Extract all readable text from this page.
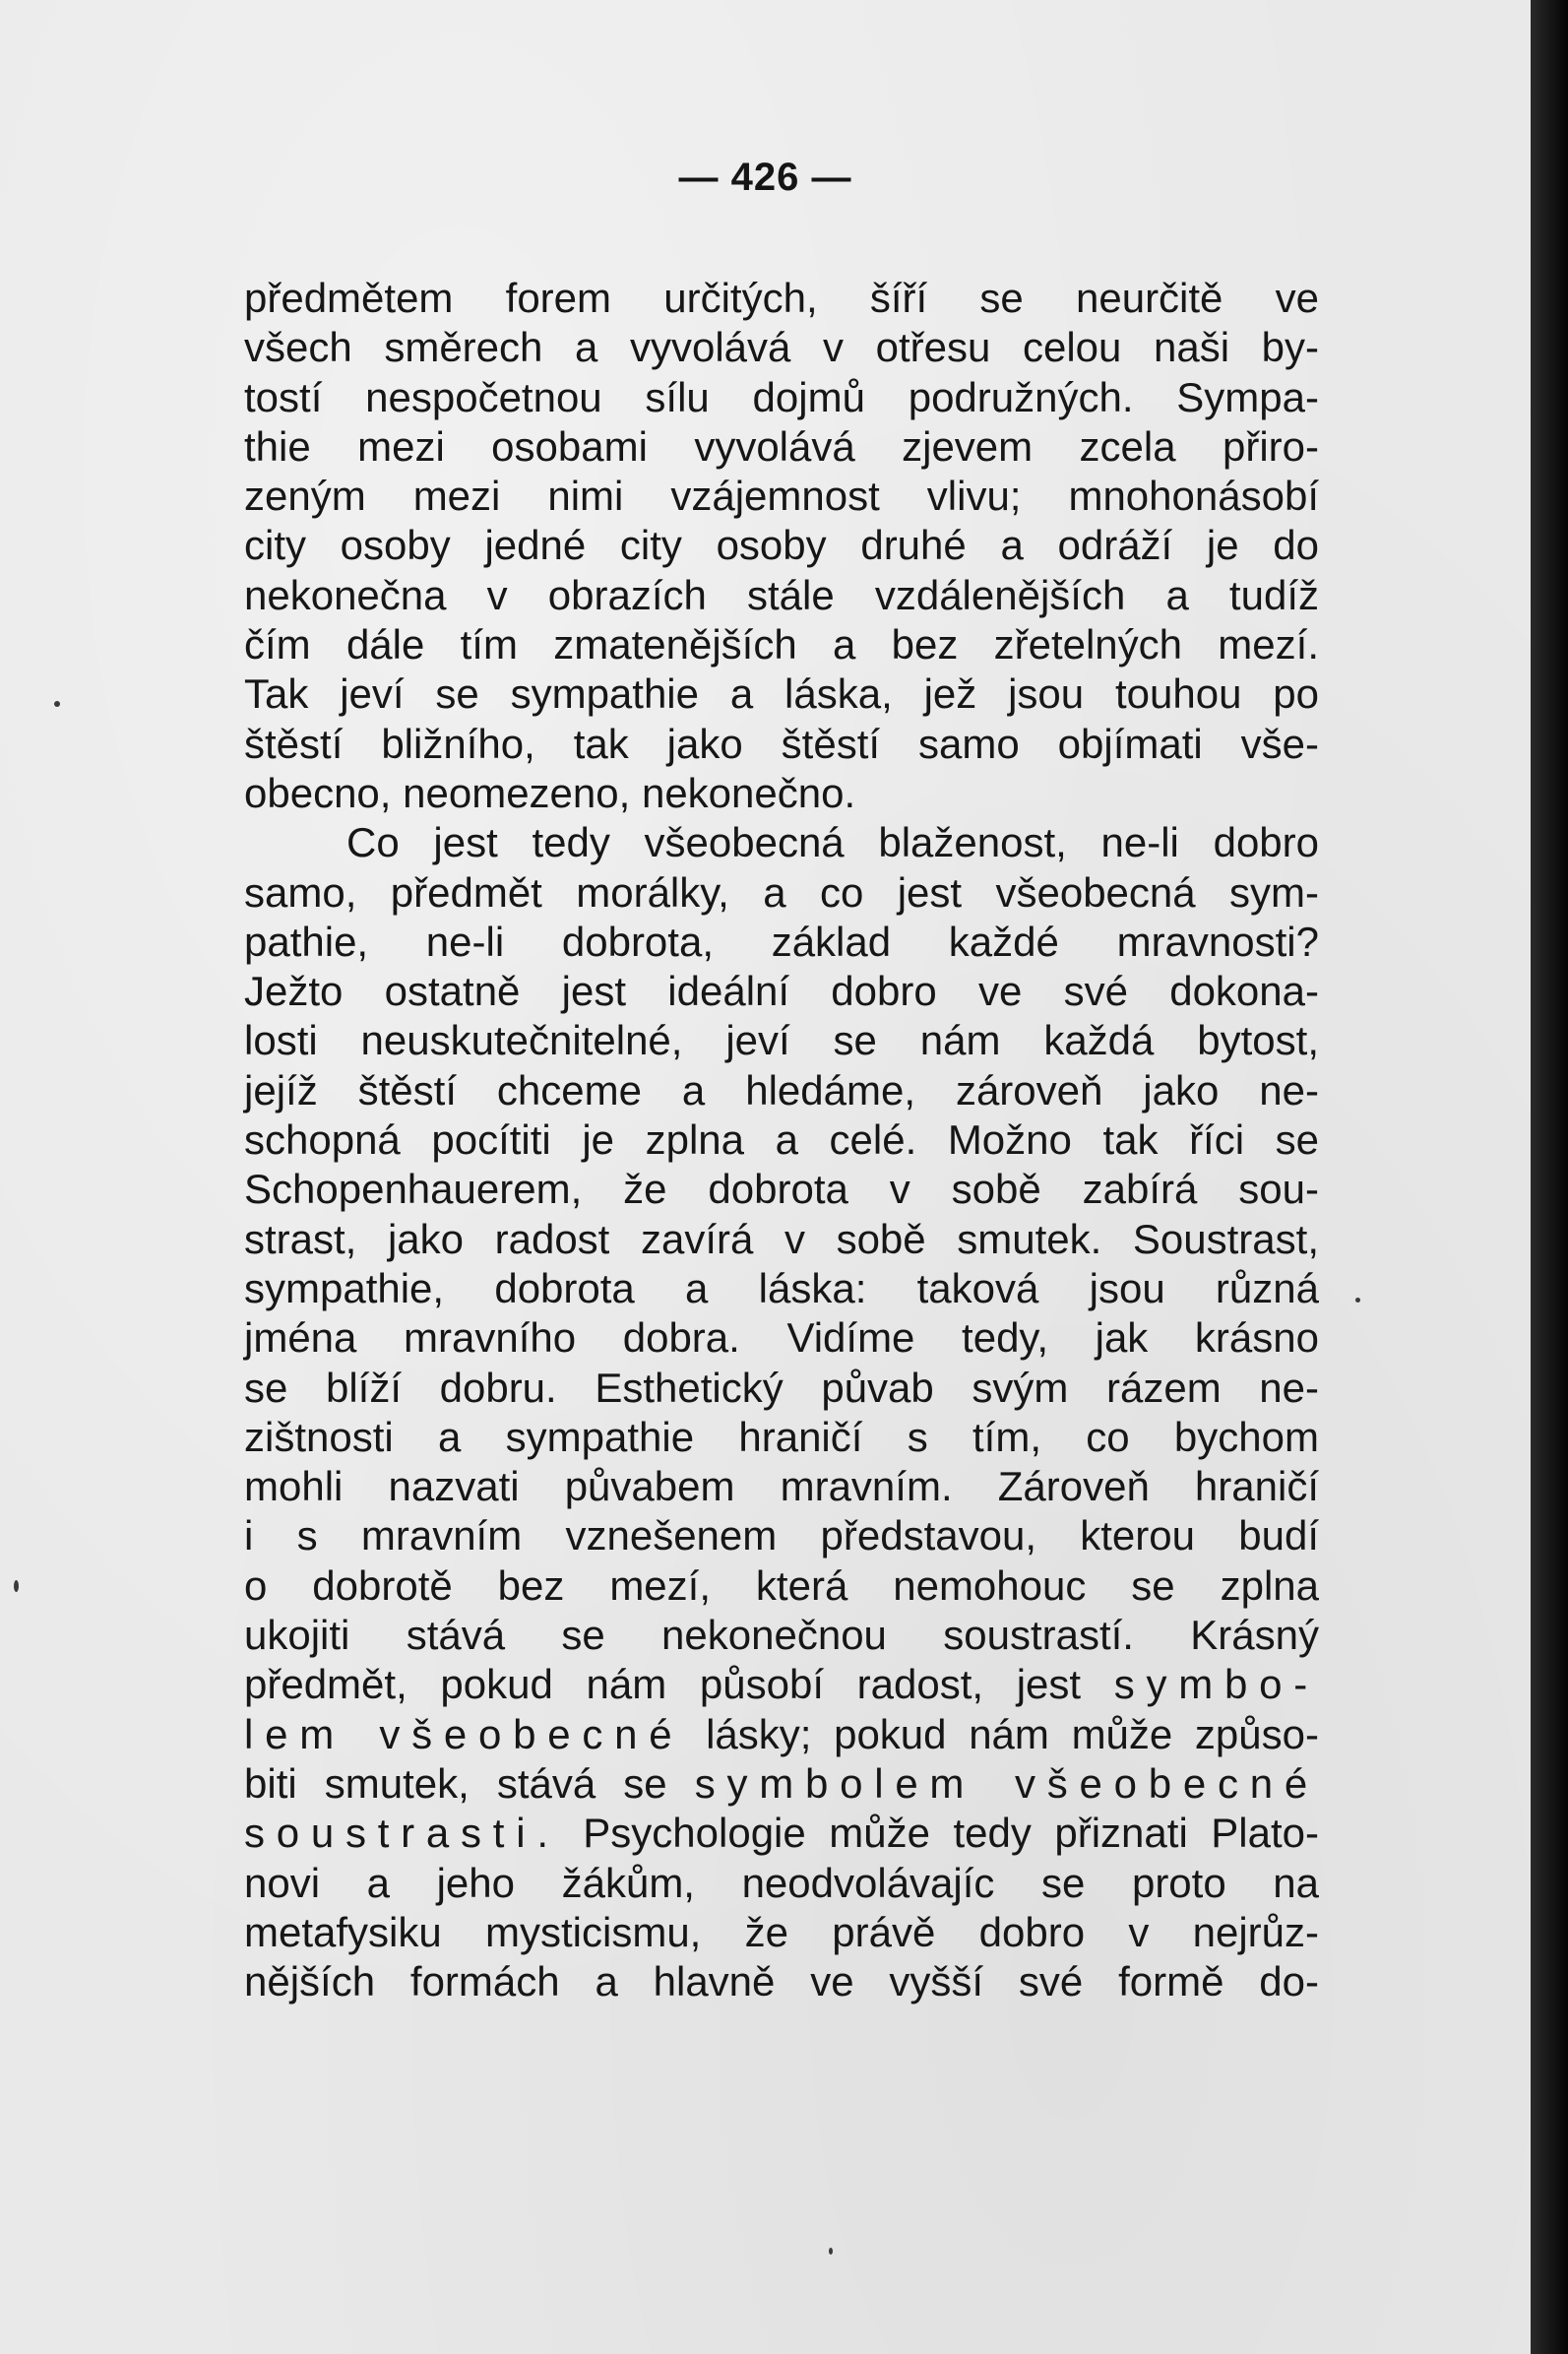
— 426 —
předmětem forem určitých, šíří se neurčitě ve
všech směrech a vyvolává v otřesu celou naši by-
tostí nespočetnou sílu dojmů podružných. Sympa-
thie mezi osobami vyvolává zjevem zcela přiro-
zeným mezi nimi vzájemnost vlivu; mnohonásobí
city osoby jedné city osoby druhé a odráží je do
nekonečna v obrazích stále vzdálenějších a tudíž
čím dále tím zmatenějších a bez zřetelných mezí.
Tak jeví se sympathie a láska, jež jsou touhou po
štěstí bližního, tak jako štěstí samo objímati vše-
obecno, neomezeno, nekonečno.
Co jest tedy všeobecná blaženost, ne-li dobro
samo, předmět morálky, a co jest všeobecná sym-
pathie, ne-li dobrota, základ každé mravnosti?
Ježto ostatně jest ideální dobro ve své dokona-
losti neuskutečnitelné, jeví se nám každá bytost,
jejíž štěstí chceme a hledáme, zároveň jako ne-
schopná pocítiti je zplna a celé. Možno tak říci se
Schopenhauerem, že dobrota v sobě zabírá sou-
strast, jako radost zavírá v sobě smutek. Soustrast,
sympathie, dobrota a láska: taková jsou různá
jména mravního dobra. Vidíme tedy, jak krásno
se blíží dobru. Esthetický půvab svým rázem ne-
zištnosti a sympathie hraničí s tím, co bychom
mohli nazvati půvabem mravním. Zároveň hraničí
i s mravním vznešenem představou, kterou budí
o dobrotě bez mezí, která nemohouc se zplna
ukojiti stává se nekonečnou soustrastí. Krásný
předmět, pokud nám působí radost, jest symbo-
lem všeobecné lásky; pokud nám může způso-
biti smutek, stává se symbolem všeobecné
soustrasti. Psychologie může tedy přiznati Plato-
novi a jeho žákům, neodvolávajíc se proto na
metafysiku mysticismu, že právě dobro v nejrůz-
nějších formách a hlavně ve vyšší své formě do-
